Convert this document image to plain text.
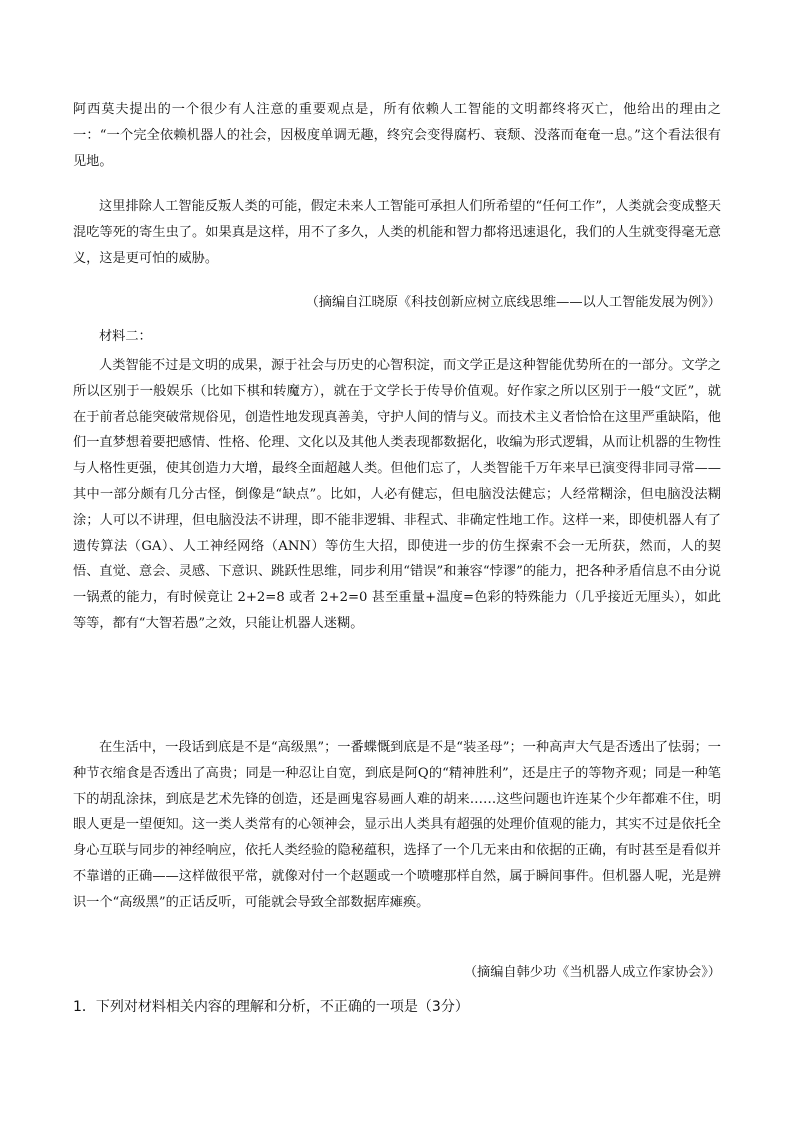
阿西莫夫提出的一个很少有人注意的重要观点是，所有依赖人工智能的文明都终将灭亡，他给出的理由之一：“一个完全依赖机器人的社会，因极度单调无趣，终究会变得腐朽、衰颓、没落而奄奄一息。”这个看法很有见地。

这里排除人工智能反叛人类的可能，假定未来人工智能可承担人们所希望的“任何工作”，人类就会变成整天混吃等死的寄生虫了。如果真是这样，用不了多久，人类的机能和智力都将迅速退化，我们的人生就变得毫无意义，这是更可怕的威胁。

（摘编自江晓原《科技创新应树立底线思维——以人工智能发展为例》）

材料二：

人类智能不过是文明的成果，源于社会与历史的心智积淀，而文学正是这种智能优势所在的一部分。文学之所以区别于一般娱乐（比如下棋和转魔方），就在于文学长于传导价值观。好作家之所以区别于一般“文匠”，就在于前者总能突破常规俗见，创造性地发现真善美，守护人间的情与义。而技术主义者恰恰在这里严重缺陷，他们一直梦想着要把感情、性格、伦理、文化以及其他人类表现都数据化，收编为形式逻辑，从而让机器的生物性与人格性更强，使其创造力大增，最终全面超越人类。但他们忘了，人类智能千万年来早已演变得非同寻常——其中一部分颇有几分古怪，倒像是“缺点”。比如，人必有健忘，但电脑没法健忘；人经常糊涂，但电脑没法糊涂；人可以不讲理，但电脑没法不讲理，即不能非逻辑、非程式、非确定性地工作。这样一来，即使机器人有了遗传算法（GA）、人工神经网络（ANN）等仿生大招，即使进一步的仿生探索不会一无所获，然而，人的契悟、直觉、意会、灵感、下意识、跳跃性思维，同步利用“错误”和兼容“悖谬”的能力，把各种矛盾信息不由分说一锅煮的能力，有时候竟让 2+2=8 或者 2+2=0 甚至重量+温度=色彩的特殊能力（几乎接近无厘头），如此等等，都有“大智若愚”之效，只能让机器人迷糊。

在生活中，一段话到底是不是“高级黑”；一番蝶慨到底是不是“装圣母”；一种高声大气是否透出了怯弱；一种节衣缩食是否透出了高贵；同是一种忍让自宽，到底是阿Q的“精神胜利”，还是庄子的等物齐观；同是一种笔下的胡乱涂抹，到底是艺术先锋的创造，还是画鬼容易画人难的胡来……这些问题也许连某个少年都难不住，明眼人更是一望便知。这一类人类常有的心领神会，显示出人类具有超强的处理价值观的能力，其实不过是依托全身心互联与同步的神经响应，依托人类经验的隐秘蕴积，选择了一个几无来由和依据的正确，有时甚至是看似并不靠谱的正确——这样做很平常，就像对付一个赵题或一个喷嚏那样自然，属于瞬间事件。但机器人呢，光是辨识一个“高级黑”的正话反听，可能就会导致全部数据库瘫痪。

（摘编自韩少功《当机器人成立作家协会》）

1．下列对材料相关内容的理解和分析，不正确的一项是（3分）
